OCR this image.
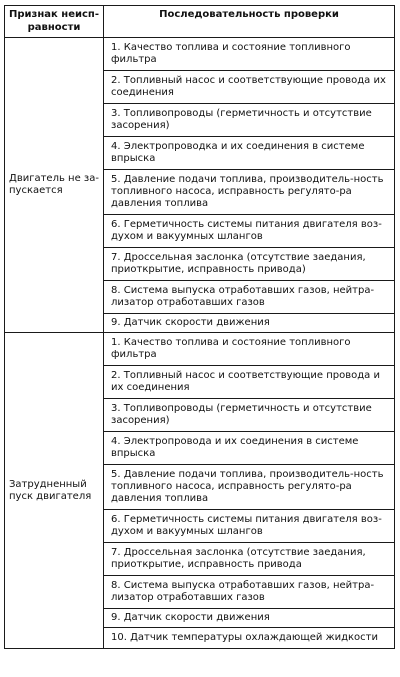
Признак неисп-равности	Последовательность проверки
Двигатель не за-пускается	1. Качество топлива и состояние топливного фильтра
	2. Топливный насос и соответствующие провода их соединения
	3. Топливопроводы (герметичность и отсутствие засорения)
	4. Электропроводка и их соединения в системе впрыска
	5. Давление подачи топлива, производитель-ность топливного насоса, исправность регулято-ра давления топлива
	6. Герметичность системы питания двигателя воз-духом и вакуумных шлангов
	7. Дроссельная заслонка (отсутствие заедания, приоткрытие, исправность привода)
	8. Система выпуска отработавших газов, нейтра-лизатор отработавших газов
	9. Датчик скорости движения
Затрудненный пуск двигателя	1. Качество топлива и состояние топливного фильтра
	2. Топливный насос и соответствующие провода и их соединения
	3. Топливопроводы (герметичность и отсутствие засорения)
	4. Электропровода и их соединения в системе впрыска
	5. Давление подачи топлива, производитель-ность топливного насоса, исправность регулято-ра давления топлива
	6. Герметичность системы питания двигателя воз-духом и вакуумных шлангов
	7. Дроссельная заслонка (отсутствие заедания, приоткрытие, исправность привода
	8. Система выпуска отработавших газов, нейтра-лизатор отработавших газов
	9. Датчик скорости движения
	10. Датчик температуры охлаждающей жидкости
